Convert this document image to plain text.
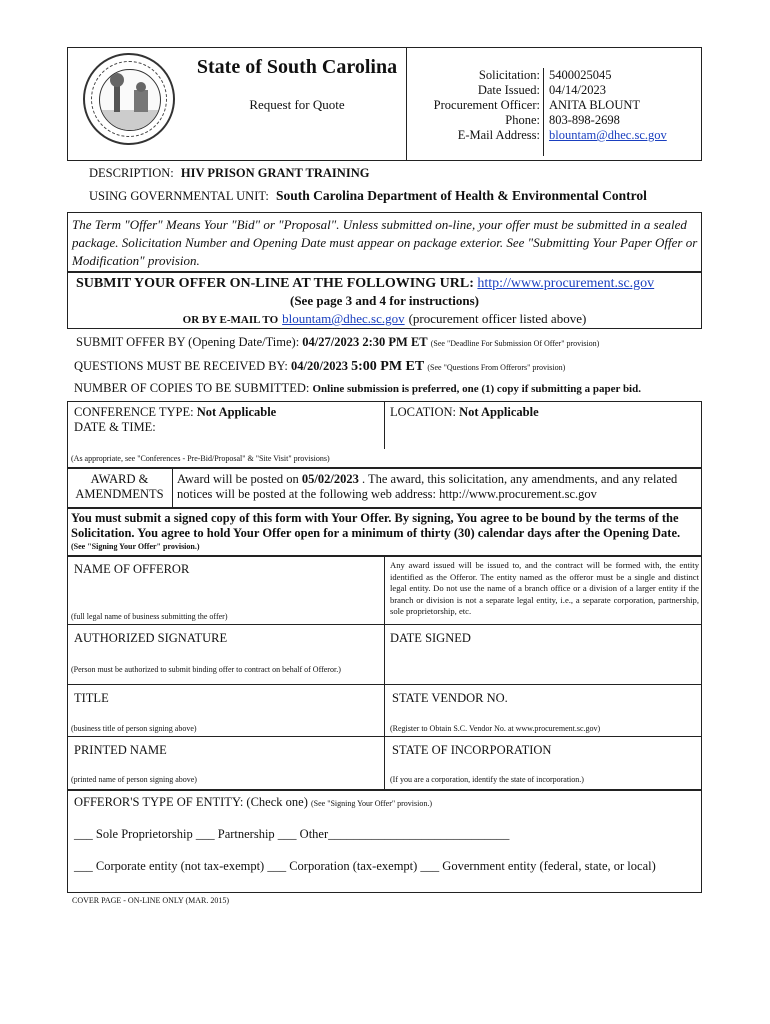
State of South Carolina
Request for Quote
Solicitation:
Date Issued:
Procurement Officer:
Phone:
E-Mail Address:
5400025045
04/14/2023
ANITA BLOUNT
803-898-2698
blountam@dhec.sc.gov
DESCRIPTION: HIV PRISON GRANT TRAINING
USING GOVERNMENTAL UNIT: South Carolina Department of Health & Environmental Control
The Term "Offer" Means Your "Bid" or "Proposal". Unless submitted on-line, your offer must be submitted in a sealed package. Solicitation Number and Opening Date must appear on package exterior. See "Submitting Your Paper Offer or Modification" provision.
SUBMIT YOUR OFFER ON-LINE AT THE FOLLOWING URL: http://www.procurement.sc.gov
(See page 3 and 4 for instructions)
OR BY E-MAIL TO blountam@dhec.sc.gov (procurement officer listed above)
SUBMIT OFFER BY (Opening Date/Time): 04/27/2023 2:30 PM ET (See "Deadline For Submission Of Offer" provision)
QUESTIONS MUST BE RECEIVED BY: 04/20/2023 5:00 PM ET (See "Questions From Offerors" provision)
NUMBER OF COPIES TO BE SUBMITTED: Online submission is preferred, one (1) copy if submitting a paper bid.
CONFERENCE TYPE: Not Applicable
DATE & TIME:
LOCATION: Not Applicable
(As appropriate, see "Conferences - Pre-Bid/Proposal" & "Site Visit" provisions)
AWARD &
AMENDMENTS
Award will be posted on 05/02/2023 . The award, this solicitation, any amendments, and any related
notices will be posted at the following web address: http://www.procurement.sc.gov
You must submit a signed copy of this form with Your Offer. By signing, You agree to be bound by the terms of the Solicitation. You agree to hold Your Offer open for a minimum of thirty (30) calendar days after the Opening Date.
(See "Signing Your Offer" provision.)
NAME OF OFFEROR
(full legal name of business submitting the offer)
Any award issued will be issued to, and the contract will be formed with, the entity identified as the Offeror. The entity named as the offeror must be a single and distinct legal entity. Do not use the name of a branch office or a division of a larger entity if the branch or division is not a separate legal entity, i.e., a separate corporation, partnership, sole proprietorship, etc.
AUTHORIZED SIGNATURE
(Person must be authorized to submit binding offer to contract on behalf of Offeror.)
DATE SIGNED
TITLE
(business title of person signing above)
STATE VENDOR NO.
(Register to Obtain S.C. Vendor No. at www.procurement.sc.gov)
PRINTED NAME
(printed name of person signing above)
STATE OF INCORPORATION
(If you are a corporation, identify the state of incorporation.)
OFFEROR'S TYPE OF ENTITY: (Check one) (See "Signing Your Offer" provision.)
___ Sole Proprietorship ___ Partnership ___ Other_____________________________
___ Corporate entity (not tax-exempt) ___ Corporation (tax-exempt) ___ Government entity (federal, state, or local)
COVER PAGE - ON-LINE ONLY (MAR. 2015)
